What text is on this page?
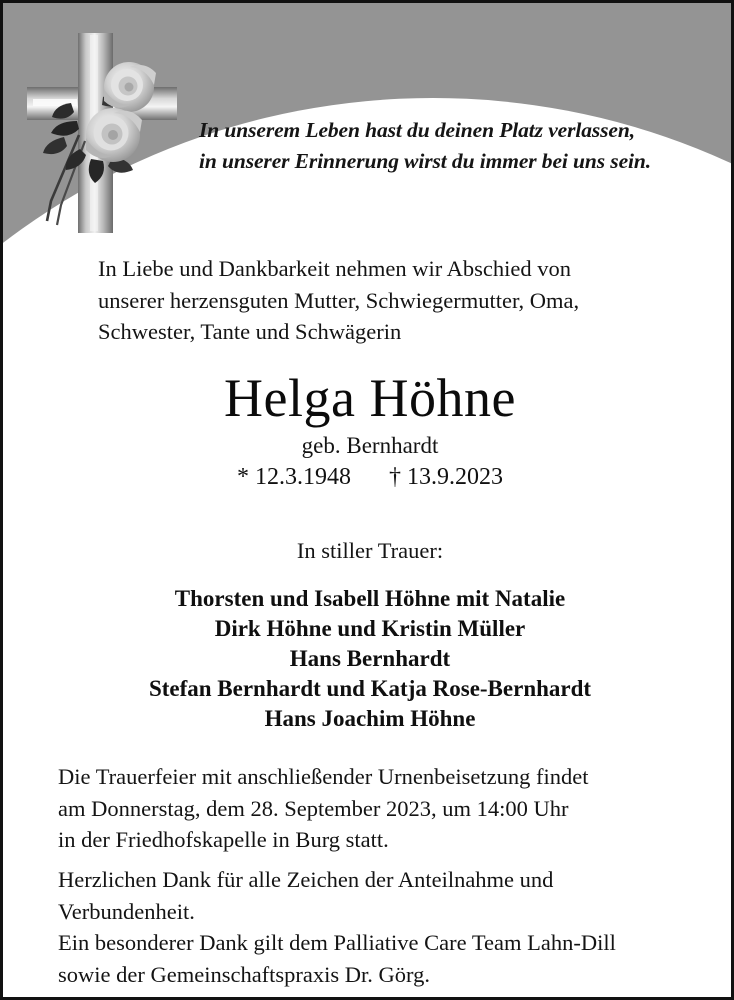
In unserem Leben hast du deinen Platz verlassen,
in unserer Erinnerung wirst du immer bei uns sein.
In Liebe und Dankbarkeit nehmen wir Abschied von
unserer herzensguten Mutter, Schwiegermutter, Oma,
Schwester, Tante und Schwägerin
Helga Höhne
geb. Bernhardt
* 12.3.1948 † 13.9.2023
In stiller Trauer:
Thorsten und Isabell Höhne mit Natalie
Dirk Höhne und Kristin Müller
Hans Bernhardt
Stefan Bernhardt und Katja Rose-Bernhardt
Hans Joachim Höhne
Die Trauerfeier mit anschließender Urnenbeisetzung findet
am Donnerstag, dem 28. September 2023, um 14:00 Uhr
in der Friedhofskapelle in Burg statt.
Herzlichen Dank für alle Zeichen der Anteilnahme und
Verbundenheit.
Ein besonderer Dank gilt dem Palliative Care Team Lahn-Dill
sowie der Gemeinschaftspraxis Dr. Görg.
